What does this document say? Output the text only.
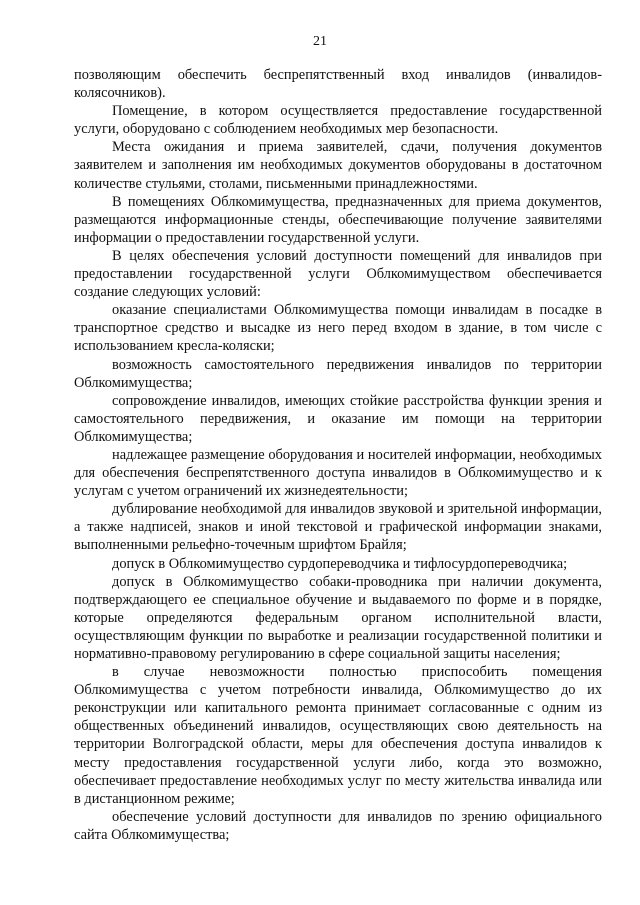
21

позволяющим обеспечить беспрепятственный вход инвалидов (инвалидов-колясочников).

Помещение, в котором осуществляется предоставление государственной услуги, оборудовано с соблюдением необходимых мер безопасности.

Места ожидания и приема заявителей, сдачи, получения документов заявителем и заполнения им необходимых документов оборудованы в достаточном количестве стульями, столами, письменными принадлежностями.

В помещениях Облкомимущества, предназначенных для приема документов, размещаются информационные стенды, обеспечивающие получение заявителями информации о предоставлении государственной услуги.

В целях обеспечения условий доступности помещений для инвалидов при предоставлении государственной услуги Облкомимуществом обеспечивается создание следующих условий:

оказание специалистами Облкомимущества помощи инвалидам в посадке в транспортное средство и высадке из него перед входом в здание, в том числе с использованием кресла-коляски;

возможность самостоятельного передвижения инвалидов по территории Облкомимущества;

сопровождение инвалидов, имеющих стойкие расстройства функции зрения и самостоятельного передвижения, и оказание им помощи на территории Облкомимущества;

надлежащее размещение оборудования и носителей информации, необходимых для обеспечения беспрепятственного доступа инвалидов в Облкомимущество и к услугам с учетом ограничений их жизнедеятельности;

дублирование необходимой для инвалидов звуковой и зрительной информации, а также надписей, знаков и иной текстовой и графической информации знаками, выполненными рельефно-точечным шрифтом Брайля;

допуск в Облкомимущество сурдопереводчика и тифлосурдопереводчика;

допуск в Облкомимущество собаки-проводника при наличии документа, подтверждающего ее специальное обучение и выдаваемого по форме и в порядке, которые определяются федеральным органом исполнительной власти, осуществляющим функции по выработке и реализации государственной политики и нормативно-правовому регулированию в сфере социальной защиты населения;

в случае невозможности полностью приспособить помещения Облкомимущества с учетом потребности инвалида, Облкомимущество до их реконструкции или капитального ремонта принимает согласованные с одним из общественных объединений инвалидов, осуществляющих свою деятельность на территории Волгоградской области, меры для обеспечения доступа инвалидов к месту предоставления государственной услуги либо, когда это возможно, обеспечивает предоставление необходимых услуг по месту жительства инвалида или в дистанционном режиме;

обеспечение условий доступности для инвалидов по зрению официального сайта Облкомимущества;
